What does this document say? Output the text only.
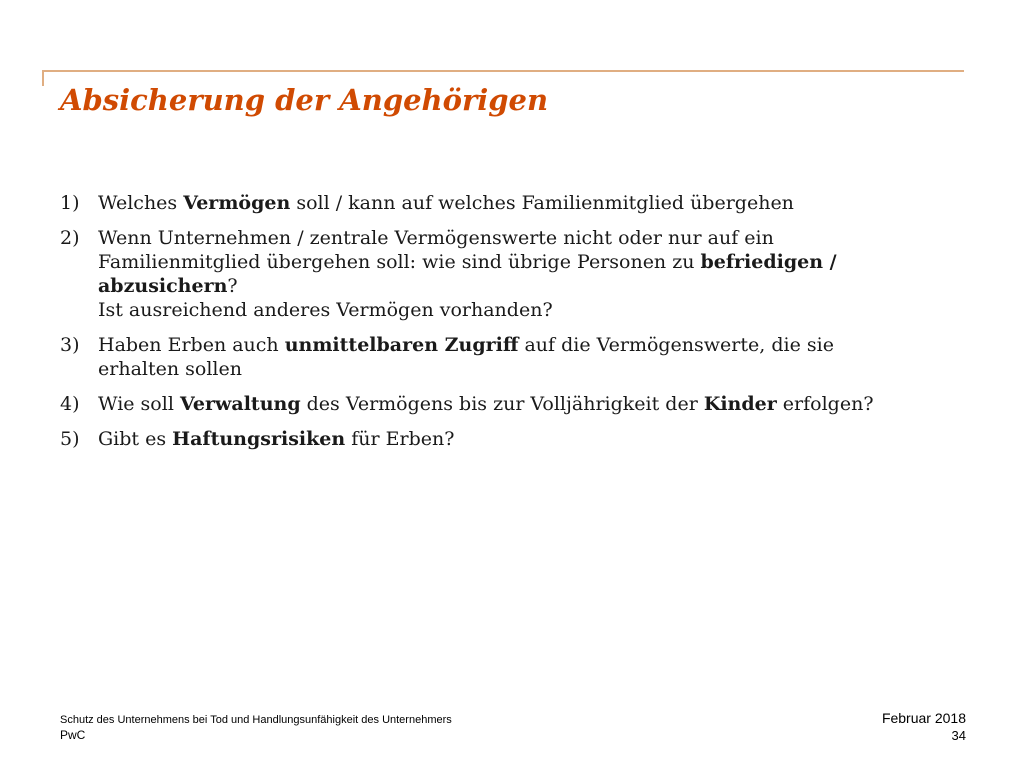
Absicherung der Angehörigen
1) Welches Vermögen soll / kann auf welches Familienmitglied übergehen
2) Wenn Unternehmen / zentrale Vermögenswerte nicht oder nur auf ein
Familienmitglied übergehen soll: wie sind übrige Personen zu befriedigen /
abzusichern?
Ist ausreichend anderes Vermögen vorhanden?
3) Haben Erben auch unmittelbaren Zugriff auf die Vermögenswerte, die sie
erhalten sollen
4) Wie soll Verwaltung des Vermögens bis zur Volljährigkeit der Kinder erfolgen?
5) Gibt es Haftungsrisiken für Erben?
Schutz des Unternehmens bei Tod und Handlungsunfähigkeit des Unternehmers
PwC
Februar 2018
34
